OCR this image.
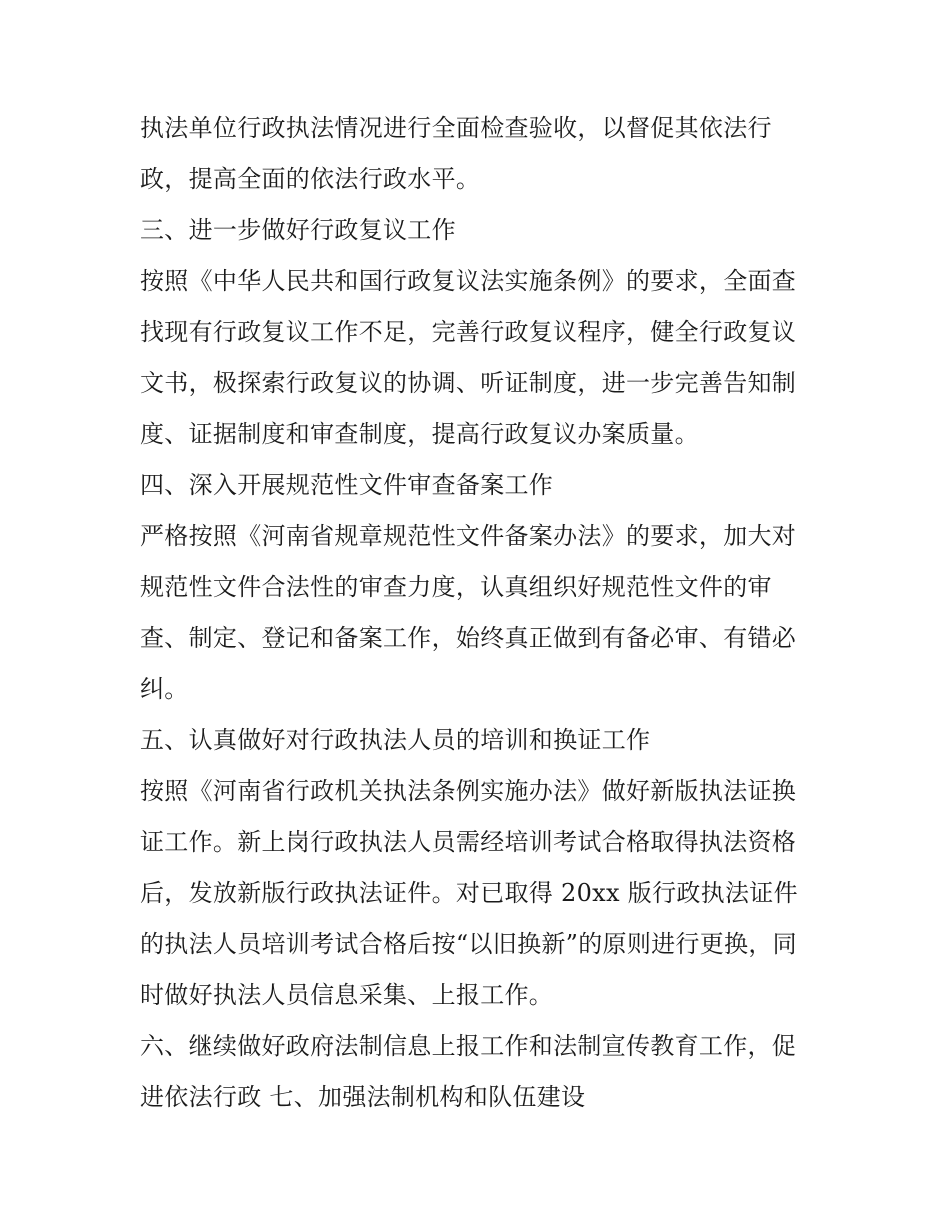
执法单位行政执法情况进行全面检查验收，以督促其依法行
政，提高全面的依法行政水平。
三、进一步做好行政复议工作
按照《中华人民共和国行政复议法实施条例》的要求，全面查
找现有行政复议工作不足，完善行政复议程序，健全行政复议
文书，极探索行政复议的协调、听证制度，进一步完善告知制
度、证据制度和审查制度，提高行政复议办案质量。
四、深入开展规范性文件审查备案工作
严格按照《河南省规章规范性文件备案办法》的要求，加大对
规范性文件合法性的审查力度，认真组织好规范性文件的审
查、制定、登记和备案工作，始终真正做到有备必审、有错必
纠。
五、认真做好对行政执法人员的培训和换证工作
按照《河南省行政机关执法条例实施办法》做好新版执法证换
证工作。新上岗行政执法人员需经培训考试合格取得执法资格
后，发放新版行政执法证件。对已取得 20xx 版行政执法证件
的执法人员培训考试合格后按“以旧换新”的原则进行更换，同
时做好执法人员信息采集、上报工作。
六、继续做好政府法制信息上报工作和法制宣传教育工作，促
进依法行政 七、加强法制机构和队伍建设
